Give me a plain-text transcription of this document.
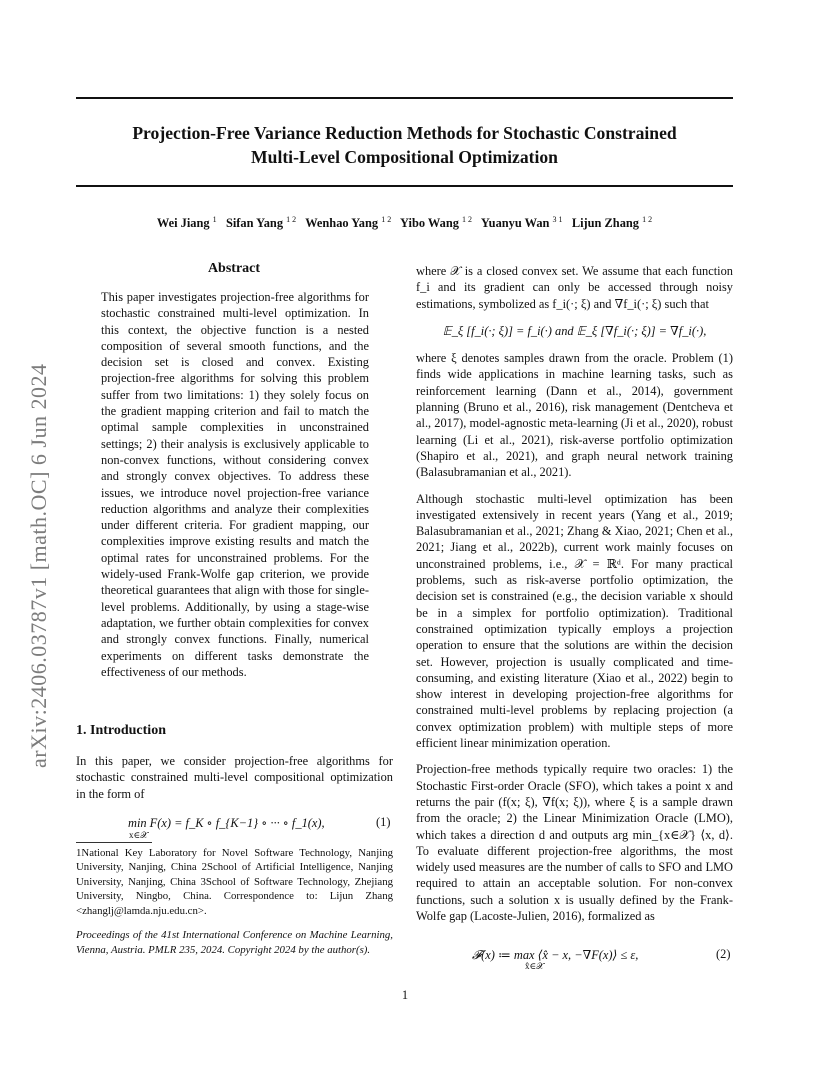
Projection-Free Variance Reduction Methods for Stochastic Constrained
Multi-Level Compositional Optimization
Wei Jiang $^1$ Sifan Yang $^{1 2}$ Wenhao Yang $^{1 2}$ Yibo Wang $^{1 2}$ Yuanyu Wan $^{3 1}$ Lijun Zhang $^{1 2}$
arXiv:2406.03787v1 [math.OC] 6 Jun 2024
Abstract

This paper investigates projection-free algorithms for stochastic constrained multi-level optimization. In this context, the objective function is a nested composition of several smooth functions, and the decision set is closed and convex. Existing projection-free algorithms for solving this problem suffer from two limitations: 1) they solely focus on the gradient mapping criterion and fail to match the optimal sample complexities in unconstrained settings; 2) their analysis is exclusively applicable to non-convex functions, without considering convex and strongly convex objectives. To address these issues, we introduce novel projection-free variance reduction algorithms and analyze their complexities under different criteria. For gradient mapping, our complexities improve existing results and match the optimal rates for unconstrained problems. For the widely-used Frank-Wolfe gap criterion, we provide theoretical guarantees that align with those for single-level problems. Additionally, by using a stage-wise adaptation, we further obtain complexities for convex and strongly convex functions. Finally, numerical experiments on different tasks demonstrate the effectiveness of our methods.

1. Introduction

In this paper, we consider projection-free algorithms for stochastic constrained multi-level compositional optimization in the form of

min F(x) = f_K ∘ f_{K−1} ∘ ··· ∘ f_1(x),
x∈𝒳
(1)

1National Key Laboratory for Novel Software Technology, Nanjing University, Nanjing, China 2School of Artificial Intelligence, Nanjing University, Nanjing, China 3School of Software Technology, Zhejiang University, Ningbo, China. Correspondence to: Lijun Zhang <zhanglj@lamda.nju.edu.cn>.

Proceedings of the 41st International Conference on Machine Learning, Vienna, Austria. PMLR 235, 2024. Copyright 2024 by the author(s).

where 𝒳 is a closed convex set. We assume that each function f_i and its gradient can only be accessed through noisy estimations, symbolized as f_i(·; ξ) and ∇f_i(·; ξ) such that

𝔼_ξ [f_i(·; ξ)] = f_i(·) and 𝔼_ξ [∇f_i(·; ξ)] = ∇f_i(·),

where ξ denotes samples drawn from the oracle. Problem (1) finds wide applications in machine learning tasks, such as reinforcement learning (Dann et al., 2014), government planning (Bruno et al., 2016), risk management (Dentcheva et al., 2017), model-agnostic meta-learning (Ji et al., 2020), robust learning (Li et al., 2021), risk-averse portfolio optimization (Shapiro et al., 2021), and graph neural network training (Balasubramanian et al., 2021).

Although stochastic multi-level optimization has been investigated extensively in recent years (Yang et al., 2019; Balasubramanian et al., 2021; Zhang & Xiao, 2021; Chen et al., 2021; Jiang et al., 2022b), current work mainly focuses on unconstrained problems, i.e., 𝒳 = ℝᵈ. For many practical problems, such as risk-averse portfolio optimization, the decision set is constrained (e.g., the decision variable x should be in a simplex for portfolio optimization). Traditional constrained optimization typically employs a projection operation to ensure that the solutions are within the decision set. However, projection is usually complicated and time-consuming, and existing literature (Xiao et al., 2022) begin to show interest in developing projection-free algorithms for constrained multi-level problems by replacing projection (a convex optimization problem) with multiple steps of more efficient linear minimization operation.

Projection-free methods typically require two oracles: 1) the Stochastic First-order Oracle (SFO), which takes a point x and returns the pair (f(x; ξ), ∇f(x; ξ)), where ξ is a sample drawn from the oracle; 2) the Linear Minimization Oracle (LMO), which takes a direction d and outputs arg min_{x∈𝒳} ⟨x, d⟩. To evaluate different projection-free algorithms, the most widely used measures are the number of calls to SFO and LMO required to attain an acceptable solution. For non-convex functions, such a solution x is usually defined by the Frank-Wolfe gap (Lacoste-Julien, 2016), formalized as

𝓕(x) ≔ max ⟨x̂ − x, −∇F(x)⟩ ≤ ε,
x̂∈𝒳
(2)
1
